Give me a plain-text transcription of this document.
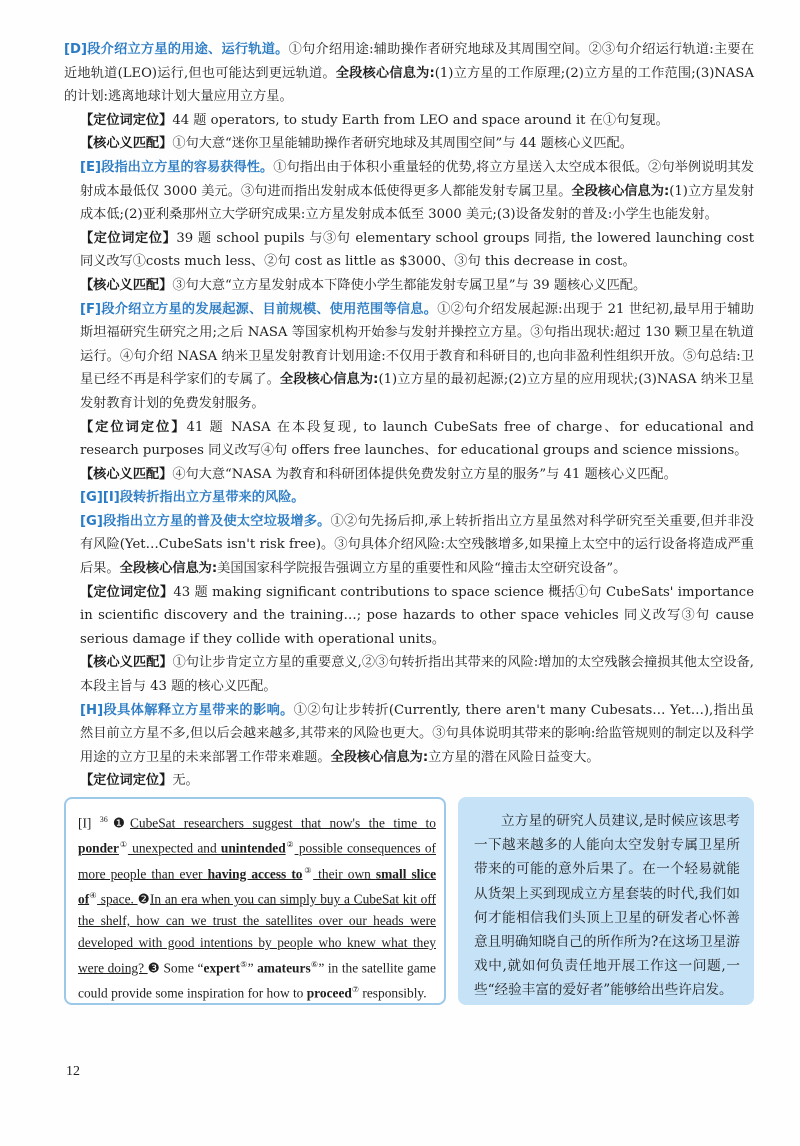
[D]段介绍立方星的用途、运行轨道。①句介绍用途:辅助操作者研究地球及其周围空间。②③句介绍运行轨道:主要在近地轨道(LEO)运行,但也可能达到更远轨道。全段核心信息为:(1)立方星的工作原理;(2)立方星的工作范围;(3)NASA 的计划:逃离地球计划大量应用立方星。

【定位词定位】44 题 operators, to study Earth from LEO and space around it 在①句复现。

【核心义匹配】①句大意“迷你卫星能辅助操作者研究地球及其周围空间”与 44 题核心义匹配。

[E]段指出立方星的容易获得性。①句指出由于体积小重量轻的优势,将立方星送入太空成本很低。②句举例说明其发射成本最低仅 3000 美元。③句进而指出发射成本低使得更多人都能发射专属卫星。全段核心信息为:(1)立方星发射成本低;(2)亚利桑那州立大学研究成果:立方星发射成本低至 3000 美元;(3)设备发射的普及:小学生也能发射。

【定位词定位】39 题 school pupils 与③句 elementary school groups 同指, the lowered launching cost 同义改写①costs much less、②句 cost as little as $3000、③句 this decrease in cost。

【核心义匹配】③句大意“立方星发射成本下降使小学生都能发射专属卫星”与 39 题核心义匹配。

[F]段介绍立方星的发展起源、目前规模、使用范围等信息。①②句介绍发展起源:出现于 21 世纪初,最早用于辅助斯坦福研究生研究之用;之后 NASA 等国家机构开始参与发射并操控立方星。③句指出现状:超过 130 颗卫星在轨道运行。④句介绍 NASA 纳米卫星发射教育计划用途:不仅用于教育和科研目的,也向非盈利性组织开放。⑤句总结:卫星已经不再是科学家们的专属了。全段核心信息为:(1)立方星的最初起源;(2)立方星的应用现状;(3)NASA 纳米卫星发射教育计划的免费发射服务。

【定位词定位】41 题 NASA 在本段复现, to launch CubeSats free of charge、for educational and research purposes 同义改写④句 offers free launches、for educational groups and science missions。

【核心义匹配】④句大意“NASA 为教育和科研团体提供免费发射立方星的服务”与 41 题核心义匹配。

[G][I]段转折指出立方星带来的风险。

[G]段指出立方星的普及使太空垃圾增多。①②句先扬后抑,承上转折指出立方星虽然对科学研究至关重要,但并非没有风险(Yet…CubeSats isn't risk free)。③句具体介绍风险:太空残骸增多,如果撞上太空中的运行设备将造成严重后果。全段核心信息为:美国国家科学院报告强调立方星的重要性和风险“撞击太空研究设备”。

【定位词定位】43 题 making significant contributions to space science 概括①句 CubeSats' importance in scientific discovery and the training…; pose hazards to other space vehicles 同义改写③句 cause serious damage if they collide with operational units。

【核心义匹配】①句让步肯定立方星的重要意义,②③句转折指出其带来的风险:增加的太空残骸会撞损其他太空设备,本段主旨与 43 题的核心义匹配。

[H]段具体解释立方星带来的影响。①②句让步转折(Currently, there aren't many Cubesats… Yet…),指出虽然目前立方星不多,但以后会越来越多,其带来的风险也更大。③句具体说明其带来的影响:给监管规则的制定以及科学用途的立方卫星的未来部署工作带来难题。全段核心信息为:立方星的潜在风险日益变大。

【定位词定位】无。

[I] $^{36}$❶CubeSat researchers suggest that now's the time to ponder① unexpected and unintended② possible consequences of more people than ever having access to③ their own small slice of④ space. ❷In an era when you can simply buy a CubeSat kit off the shelf, how can we trust the satellites over our heads were developed with good intentions by people who knew what they were doing? ❸ Some “expert⑤” amateurs⑥” in the satellite game could provide some inspiration for how to proceed⑦ responsibly.

立方星的研究人员建议,是时候应该思考一下越来越多的人能向太空发射专属卫星所带来的可能的意外后果了。在一个轻易就能从货架上买到现成立方星套装的时代,我们如何才能相信我们头顶上卫星的研发者心怀善意且明确知晓自己的所作所为?在这场卫星游戏中,就如何负责任地开展工作这一问题,一些“经验丰富的爱好者”能够给出些许启发。

12
